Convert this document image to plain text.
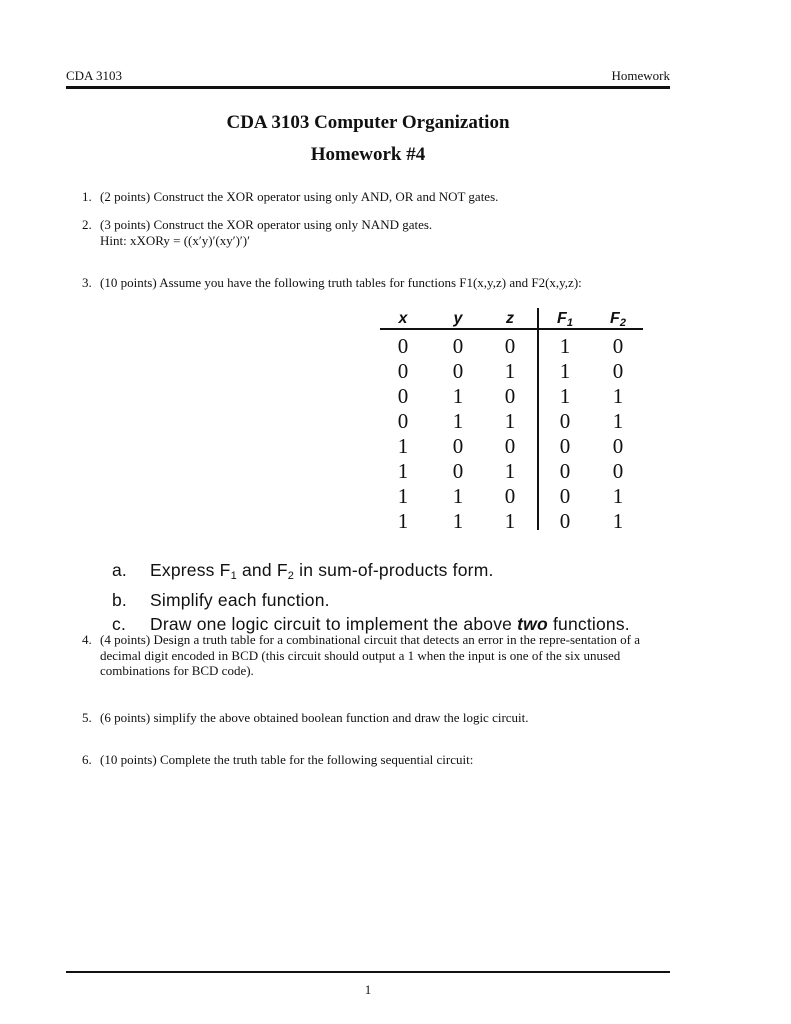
CDA 3103	Homework
CDA 3103 Computer Organization
Homework #4
1. (2 points) Construct the XOR operator using only AND, OR and NOT gates.
2. (3 points) Construct the XOR operator using only NAND gates.
Hint: xXORy = ((x′y)′(xy′)′)′
3. (10 points) Assume you have the following truth tables for functions F1(x,y,z) and F2(x,y,z):
x	y	z	$F_1$	$F_2$
0	0	0	1	0
0	0	1	1	0
0	1	0	1	1
0	1	1	0	1
1	0	0	0	0
1	0	1	0	0
1	1	0	0	1
1	1	1	0	1
a. Express $F_1$ and $F_2$ in sum-of-products form.
b. Simplify each function.
c. Draw one logic circuit to implement the above two functions.
4. (4 points) Design a truth table for a combinational circuit that detects an error in the repre-sentation of a decimal digit encoded in BCD (this circuit should output a 1 when the input is one of the six unused combinations for BCD code).
5. (6 points) simplify the above obtained boolean function and draw the logic circuit.
6. (10 points) Complete the truth table for the following sequential circuit:
1
